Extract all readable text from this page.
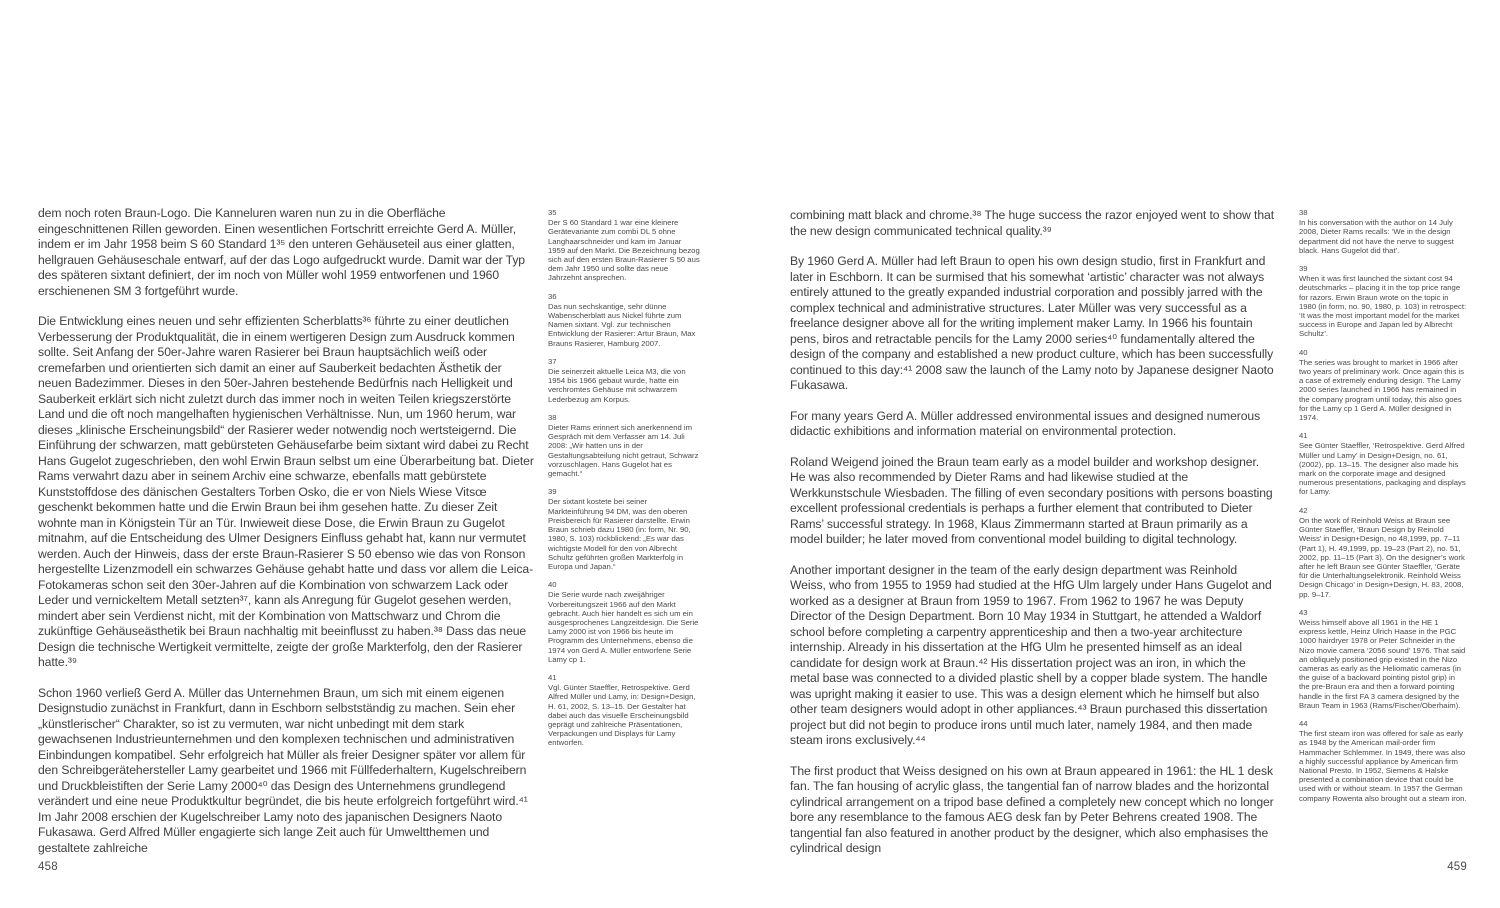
dem noch roten Braun-Logo. Die Kanneluren waren nun zu in die Oberfläche eingeschnittenen Rillen geworden. Einen wesentlichen Fortschritt erreichte Gerd A. Müller, indem er im Jahr 1958 beim S 60 Standard 1³⁵ den unteren Gehäuseteil aus einer glatten, hellgrauen Gehäuseschale entwarf, auf der das Logo aufgedruckt wurde. Damit war der Typ des späteren sixtant definiert, der im noch von Müller wohl 1959 entworfenen und 1960 erschienenen SM 3 fortgeführt wurde.

Die Entwicklung eines neuen und sehr effizienten Scherblatts³⁶ führte zu einer deutlichen Verbesserung der Produktqualität, die in einem wertigeren Design zum Ausdruck kommen sollte. Seit Anfang der 50er-Jahre waren Rasierer bei Braun hauptsächlich weiß oder cremefarben und orientierten sich damit an einer auf Sauberkeit bedachten Ästhetik der neuen Badezimmer. Dieses in den 50er-Jahren bestehende Bedürfnis nach Helligkeit und Sauberkeit erklärt sich nicht zuletzt durch das immer noch in weiten Teilen kriegszerstörte Land und die oft noch mangelhaften hygienischen Verhältnisse. Nun, um 1960 herum, war dieses „klinische Erscheinungsbild“ der Rasierer weder notwendig noch wertsteigernd. Die Einführung der schwarzen, matt gebürsteten Gehäusefarbe beim sixtant wird dabei zu Recht Hans Gugelot zugeschrieben, den wohl Erwin Braun selbst um eine Überarbeitung bat. Dieter Rams verwahrt dazu aber in seinem Archiv eine schwarze, ebenfalls matt gebürstete Kunststoffdose des dänischen Gestalters Torben Osko, die er von Niels Wiese Vitsœ geschenkt bekommen hatte und die Erwin Braun bei ihm gesehen hatte. Zu dieser Zeit wohnte man in Königstein Tür an Tür. Inwieweit diese Dose, die Erwin Braun zu Gugelot mitnahm, auf die Entscheidung des Ulmer Designers Einfluss gehabt hat, kann nur vermutet werden. Auch der Hinweis, dass der erste Braun-Rasierer S 50 ebenso wie das von Ronson hergestellte Lizenzmodell ein schwarzes Gehäuse gehabt hatte und dass vor allem die Leica-Fotokameras schon seit den 30er-Jahren auf die Kombination von schwarzem Lack oder Leder und vernickeltem Metall setzten³⁷, kann als Anregung für Gugelot gesehen werden, mindert aber sein Verdienst nicht, mit der Kombination von Mattschwarz und Chrom die zukünftige Gehäuseästhetik bei Braun nachhaltig mit beeinflusst zu haben.³⁸ Dass das neue Design die technische Wertigkeit vermittelte, zeigte der große Markterfolg, den der Rasierer hatte.³⁹

Schon 1960 verließ Gerd A. Müller das Unternehmen Braun, um sich mit einem eigenen Designstudio zunächst in Frankfurt, dann in Eschborn selbstständig zu machen. Sein eher „künstlerischer“ Charakter, so ist zu vermuten, war nicht unbedingt mit dem stark gewachsenen Industrieunternehmen und den komplexen technischen und administrativen Einbindungen kompatibel. Sehr erfolgreich hat Müller als freier Designer später vor allem für den Schreibgerätehersteller Lamy gearbeitet und 1966 mit Füllfederhaltern, Kugelschreibern und Druckbleistiften der Serie Lamy 2000⁴⁰ das Design des Unternehmens grundlegend verändert und eine neue Produktkultur begründet, die bis heute erfolgreich fortgeführt wird.⁴¹ Im Jahr 2008 erschien der Kugelschreiber Lamy noto des japanischen Designers Naoto Fukasawa. Gerd Alfred Müller engagierte sich lange Zeit auch für Umweltthemen und gestaltete zahlreiche

35
Der S 60 Standard 1 war eine kleinere Gerätevariante zum combi DL 5 ohne Langhaarschneider und kam im Januar 1959 auf den Markt. Die Bezeichnung bezog sich auf den ersten Braun-Rasierer S 50 aus dem Jahr 1950 und sollte das neue Jahrzehnt ansprechen.
36
Das nun sechskantige, sehr dünne Wabenscherblatt aus Nickel führte zum Namen sixtant. Vgl. zur technischen Entwicklung der Rasierer: Artur Braun, Max Brauns Rasierer, Hamburg 2007.
37
Die seinerzeit aktuelle Leica M3, die von 1954 bis 1966 gebaut wurde, hatte ein verchromtes Gehäuse mit schwarzem Lederbezug am Korpus.
38
Dieter Rams erinnert sich anerkennend im Gespräch mit dem Verfasser am 14. Juli 2008: „Wir hatten uns in der Gestaltungsabteilung nicht getraut, Schwarz vorzuschlagen. Hans Gugelot hat es gemacht.“
39
Der sixtant kostete bei seiner Markteinführung 94 DM, was den oberen Preisbereich für Rasierer darstellte. Erwin Braun schrieb dazu 1980 (in: form, Nr. 90, 1980, S. 103) rückblickend: „Es war das wichtigste Modell für den von Albrecht Schultz geführten großen Markterfolg in Europa und Japan.“
40
Die Serie wurde nach zweijähriger Vorbereitungszeit 1966 auf den Markt gebracht. Auch hier handelt es sich um ein ausgesprochenes Langzeitdesign. Die Serie Lamy 2000 ist von 1966 bis heute im Programm des Unternehmens, ebenso die 1974 von Gerd A. Müller entworfene Serie Lamy cp 1.
41
Vgl. Günter Staeffler, Retrospektive. Gerd Alfred Müller und Lamy, in: Design+Design, H. 61, 2002, S. 13–15. Der Gestalter hat dabei auch das visuelle Erscheinungsbild geprägt und zahlreiche Präsentationen, Verpackungen und Displays für Lamy entworfen.
458

combining matt black and chrome.³⁸ The huge success the razor enjoyed went to show that the new design communicated technical quality.³⁹

By 1960 Gerd A. Müller had left Braun to open his own design studio, first in Frankfurt and later in Eschborn. It can be surmised that his somewhat ‘artistic’ character was not always entirely attuned to the greatly expanded industrial corporation and possibly jarred with the complex technical and administrative structures. Later Müller was very successful as a freelance designer above all for the writing implement maker Lamy. In 1966 his fountain pens, biros and retractable pencils for the Lamy 2000 series⁴⁰ fundamentally altered the design of the company and established a new product culture, which has been successfully continued to this day:⁴¹ 2008 saw the launch of the Lamy noto by Japanese designer Naoto Fukasawa.

For many years Gerd A. Müller addressed environmental issues and designed numerous didactic exhibitions and information material on environmental protection.

Roland Weigend joined the Braun team early as a model builder and workshop designer. He was also recommended by Dieter Rams and had likewise studied at the Werkkunstschule Wiesbaden. The filling of even secondary positions with persons boasting excellent professional credentials is perhaps a further element that contributed to Dieter Rams’ successful strategy. In 1968, Klaus Zimmermann started at Braun primarily as a model builder; he later moved from conventional model building to digital technology.

Another important designer in the team of the early design department was Reinhold Weiss, who from 1955 to 1959 had studied at the HfG Ulm largely under Hans Gugelot and worked as a designer at Braun from 1959 to 1967. From 1962 to 1967 he was Deputy Director of the Design Department. Born 10 May 1934 in Stuttgart, he attended a Waldorf school before completing a carpentry apprenticeship and then a two-year architecture internship. Already in his dissertation at the HfG Ulm he presented himself as an ideal candidate for design work at Braun.⁴² His dissertation project was an iron, in which the metal base was connected to a divided plastic shell by a copper blade system. The handle was upright making it easier to use. This was a design element which he himself but also other team designers would adopt in other appliances.⁴³ Braun purchased this dissertation project but did not begin to produce irons until much later, namely 1984, and then made steam irons exclusively.⁴⁴

The first product that Weiss designed on his own at Braun appeared in 1961: the HL 1 desk fan. The fan housing of acrylic glass, the tangential fan of narrow blades and the horizontal cylindrical arrangement on a tripod base defined a completely new concept which no longer bore any resemblance to the famous AEG desk fan by Peter Behrens created 1908. The tangential fan also featured in another product by the designer, which also emphasises the cylindrical design

38
In his conversation with the author on 14 July 2008, Dieter Rams recalls: ‘We in the design department did not have the nerve to suggest black. Hans Gugelot did that’.
39
When it was first launched the sixtant cost 94 deutschmarks – placing it in the top price range for razors. Erwin Braun wrote on the topic in 1980 (in form, no. 90, 1980, p. 103) in retrospect: ‘It was the most important model for the market success in Europe and Japan led by Albrecht Schultz’.
40
The series was brought to market in 1966 after two years of preliminary work. Once again this is a case of extremely enduring design. The Lamy 2000 series launched in 1966 has remained in the company program until today, this also goes for the Lamy cp 1 Gerd A. Müller designed in 1974.
41
See Günter Staeffler, ‘Retrospektive. Gerd Alfred Müller und Lamy’ in Design+Design, no. 61, (2002), pp. 13–15. The designer also made his mark on the corporate image and designed numerous presentations, packaging and displays for Lamy.
42
On the work of Reinhold Weiss at Braun see Günter Staeffler, ‘Braun Design by Reinold Weiss’ in Design+Design, no 48,1999, pp. 7–11 (Part 1), H. 49,1999, pp. 19–23 (Part 2), no. 51, 2002, pp. 11–15 (Part 3). On the designer’s work after he left Braun see Günter Staeffler, ‘Geräte für die Unterhaltungselektronik. Reinhold Weiss Design Chicago’ in Design+Design, H. 83, 2008, pp. 9–17.
43
Weiss himself above all 1961 in the HE 1 express kettle, Heinz Ulrich Haase in the PGC 1000 hairdryer 1978 or Peter Schneider in the Nizo movie camera ‘2056 sound’ 1976. That said an obliquely positioned grip existed in the Nizo cameras as early as the Heliomatic cameras (in the guise of a backward pointing pistol grip) in the pre-Braun era and then a forward pointing handle in the first FA 3 camera designed by the Braun Team in 1963 (Rams/Fischer/Oberhaim).
44
The first steam iron was offered for sale as early as 1948 by the American mail-order firm Hammacher Schlemmer. In 1949, there was also a highly successful appliance by American firm National Presto. In 1952, Siemens & Halske presented a combination device that could be used with or without steam. In 1957 the German company Rowenta also brought out a steam iron.
459
